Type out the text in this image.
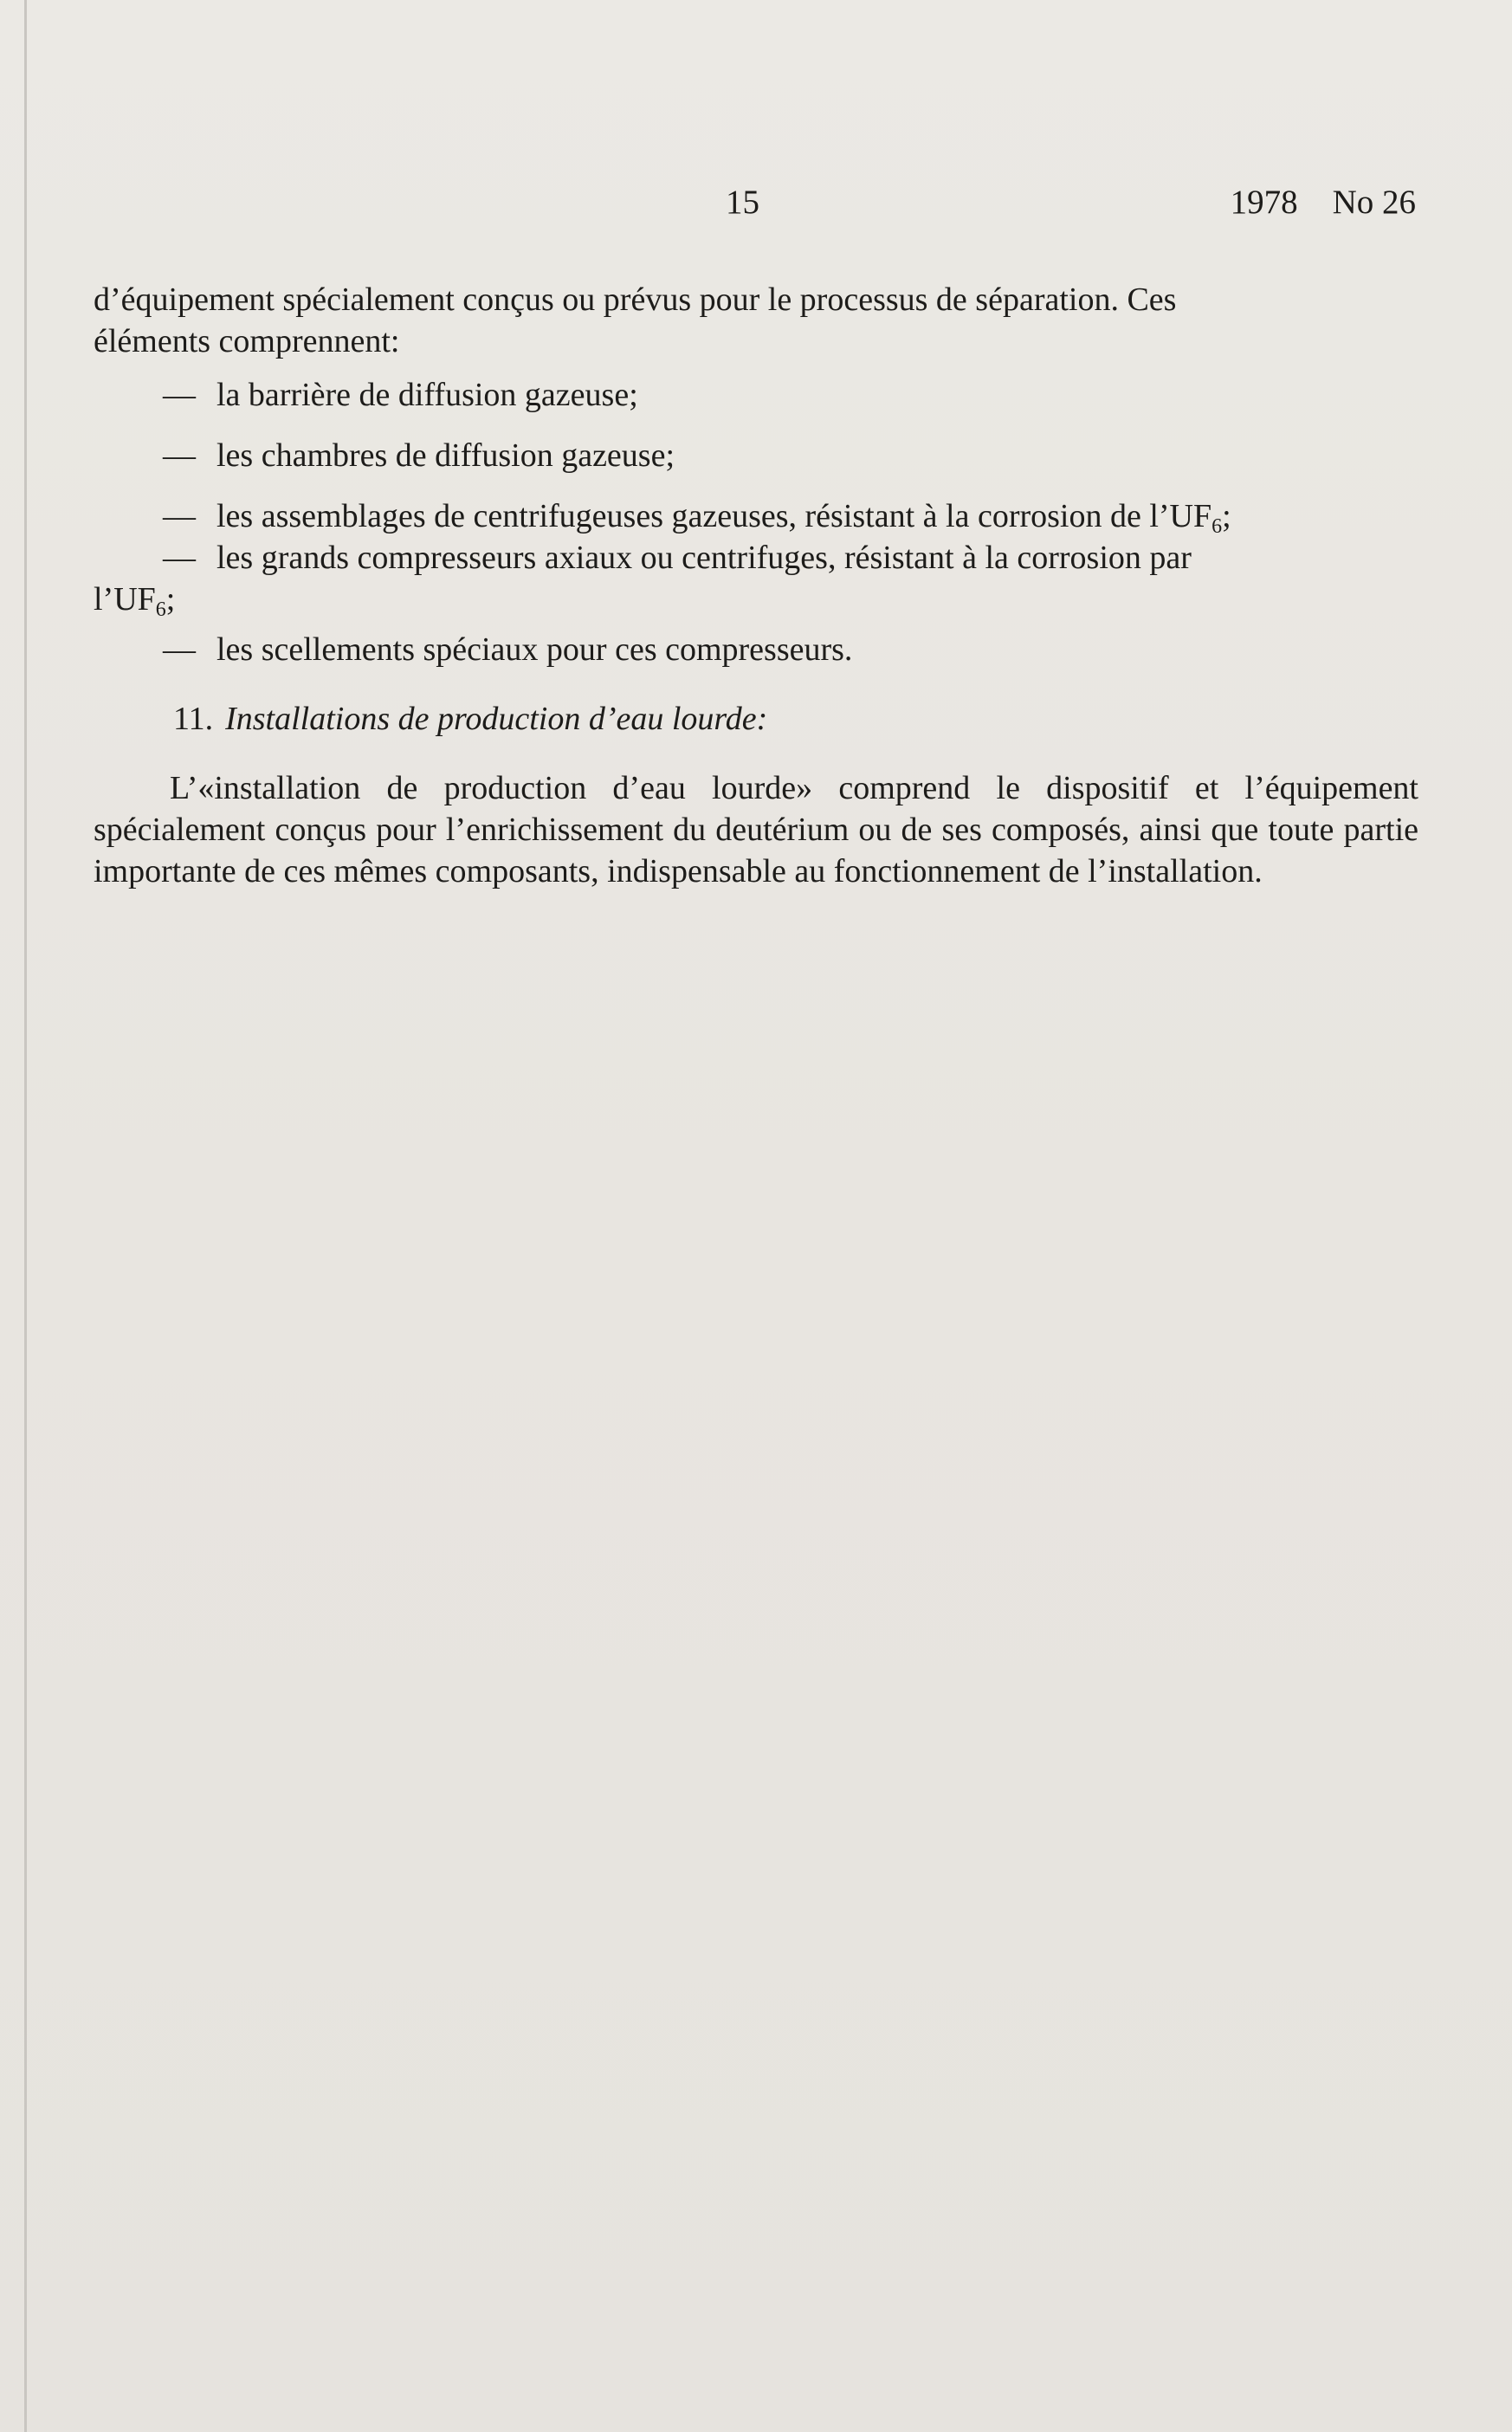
15	1978 No 26

d’équipement spécialement conçus ou prévus pour le processus de séparation. Ces
éléments comprennent:

— la barrière de diffusion gazeuse;

— les chambres de diffusion gazeuse;

— les assemblages de centrifugeuses gazeuses, résistant à la corrosion de $l’UF_6$;

— les grands compresseurs axiaux ou centrifuges, résistant à la corrosion par

$l’UF_6$;

— les scellements spéciaux pour ces compresseurs.

11. Installations de production d’eau lourde:

L’«installation de production d’eau lourde» comprend le dispositif et l’équipement spécialement conçus pour l’enrichissement du deutérium ou de ses composés, ainsi que toute partie importante de ces mêmes composants, indispensable au fonctionnement de l’installation.
